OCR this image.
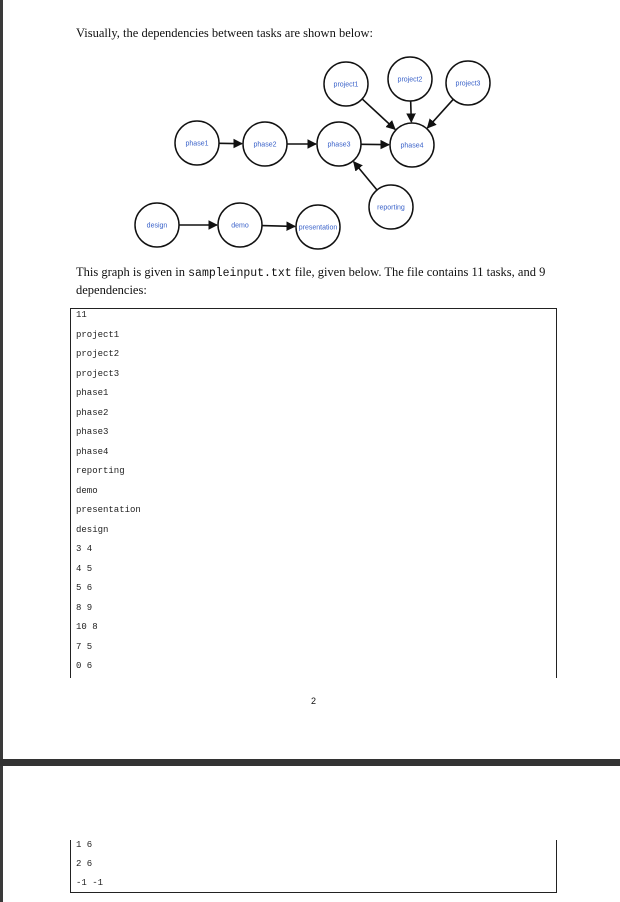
Visually, the dependencies between tasks are shown below:

project1
project2
project3
phase1	phase2	phase3	phase4
reporting
design	demo	presentation

This graph is given in sampleinput.txt file, given below. The file contains 11 tasks, and 9 dependencies:

11
project1
project2
project3
phase1
phase2
phase3
phase4
reporting
demo
presentation
design
3 4
4 5
5 6
8 9
10 8
7 5
0 6
2
1 6
2 6
-1 -1
